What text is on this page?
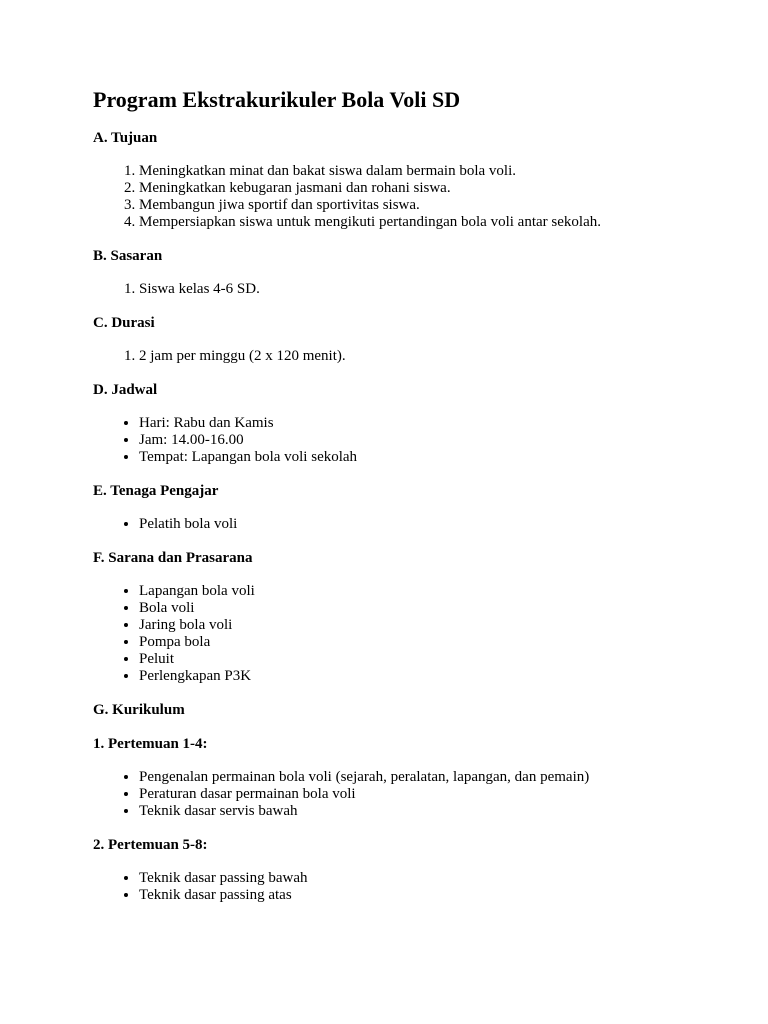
Program Ekstrakurikuler Bola Voli SD
A. Tujuan
1. Meningkatkan minat dan bakat siswa dalam bermain bola voli.
2. Meningkatkan kebugaran jasmani dan rohani siswa.
3. Membangun jiwa sportif dan sportivitas siswa.
4. Mempersiapkan siswa untuk mengikuti pertandingan bola voli antar sekolah.
B. Sasaran
1. Siswa kelas 4-6 SD.
C. Durasi
1. 2 jam per minggu (2 x 120 menit).
D. Jadwal
• Hari: Rabu dan Kamis
• Jam: 14.00-16.00
• Tempat: Lapangan bola voli sekolah
E. Tenaga Pengajar
• Pelatih bola voli
F. Sarana dan Prasarana
• Lapangan bola voli
• Bola voli
• Jaring bola voli
• Pompa bola
• Peluit
• Perlengkapan P3K
G. Kurikulum
1. Pertemuan 1-4:
• Pengenalan permainan bola voli (sejarah, peralatan, lapangan, dan pemain)
• Peraturan dasar permainan bola voli
• Teknik dasar servis bawah
2. Pertemuan 5-8:
• Teknik dasar passing bawah
• Teknik dasar passing atas
